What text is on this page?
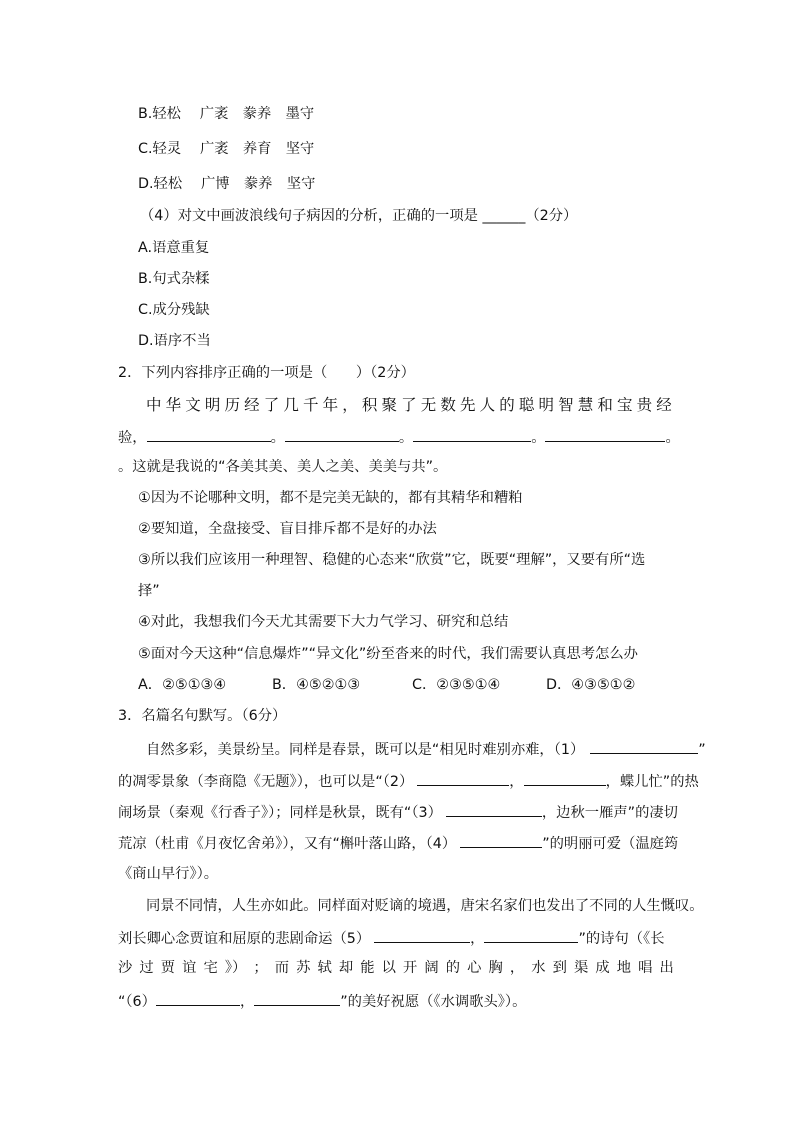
B.轻松　 广袤　豢养　墨守
C.轻灵　 广袤　养育　坚守
D.轻松　 广博　豢养　坚守
（4）对文中画波浪线句子病因的分析，正确的一项是 ______（2分）
A.语意重复
B.句式杂糅
C.成分残缺
D.语序不当
2．下列内容排序正确的一项是（　　）（2分）
中 华 文 明 历 经 了 几 千 年 ， 积 聚 了 无 数 先 人 的 聪 明 智 慧 和 宝 贵 经
验，	。	。	。	。
。这就是我说的“各美其美、美人之美、美美与共”。
①因为不论哪种文明，都不是完美无缺的，都有其精华和糟粕
②要知道，全盘接受、盲目排斥都不是好的办法
③所以我们应该用一种理智、稳健的心态来“欣赏”它，既要“理解”，又要有所“选
择”
④对此，我想我们今天尤其需要下大力气学习、研究和总结
⑤面对今天这种“信息爆炸”“异文化”纷至沓来的时代，我们需要认真思考怎么办
A．②⑤①③④	B．④⑤②①③	C．②③⑤①④	D．④③⑤①②
3．名篇名句默写。（6分）
自然多彩，美景纷呈。同样是春景，既可以是“相见时难别亦难，（1）	”
的凋零景象（李商隐《无题》），也可以是“（2）	，	，蝶儿忙”的热
闹场景（秦观《行香子》）；同样是秋景，既有“（3）	，边秋一雁声”的凄切
荒凉（杜甫《月夜忆舍弟》），又有“槲叶落山路，（4）	”的明丽可爱（温庭筠
《商山早行》）。
同景不同情，人生亦如此。同样面对贬谪的境遇，唐宋名家们也发出了不同的人生慨叹。
刘长卿心念贾谊和屈原的悲剧命运（5）	，	”的诗句（《长
沙 过 贾 谊 宅 》） ； 而 苏 轼 却 能 以 开 阔 的 心 胸 ， 水 到 渠 成 地 唱 出
“（6）	，	”的美好祝愿（《水调歌头》）。
